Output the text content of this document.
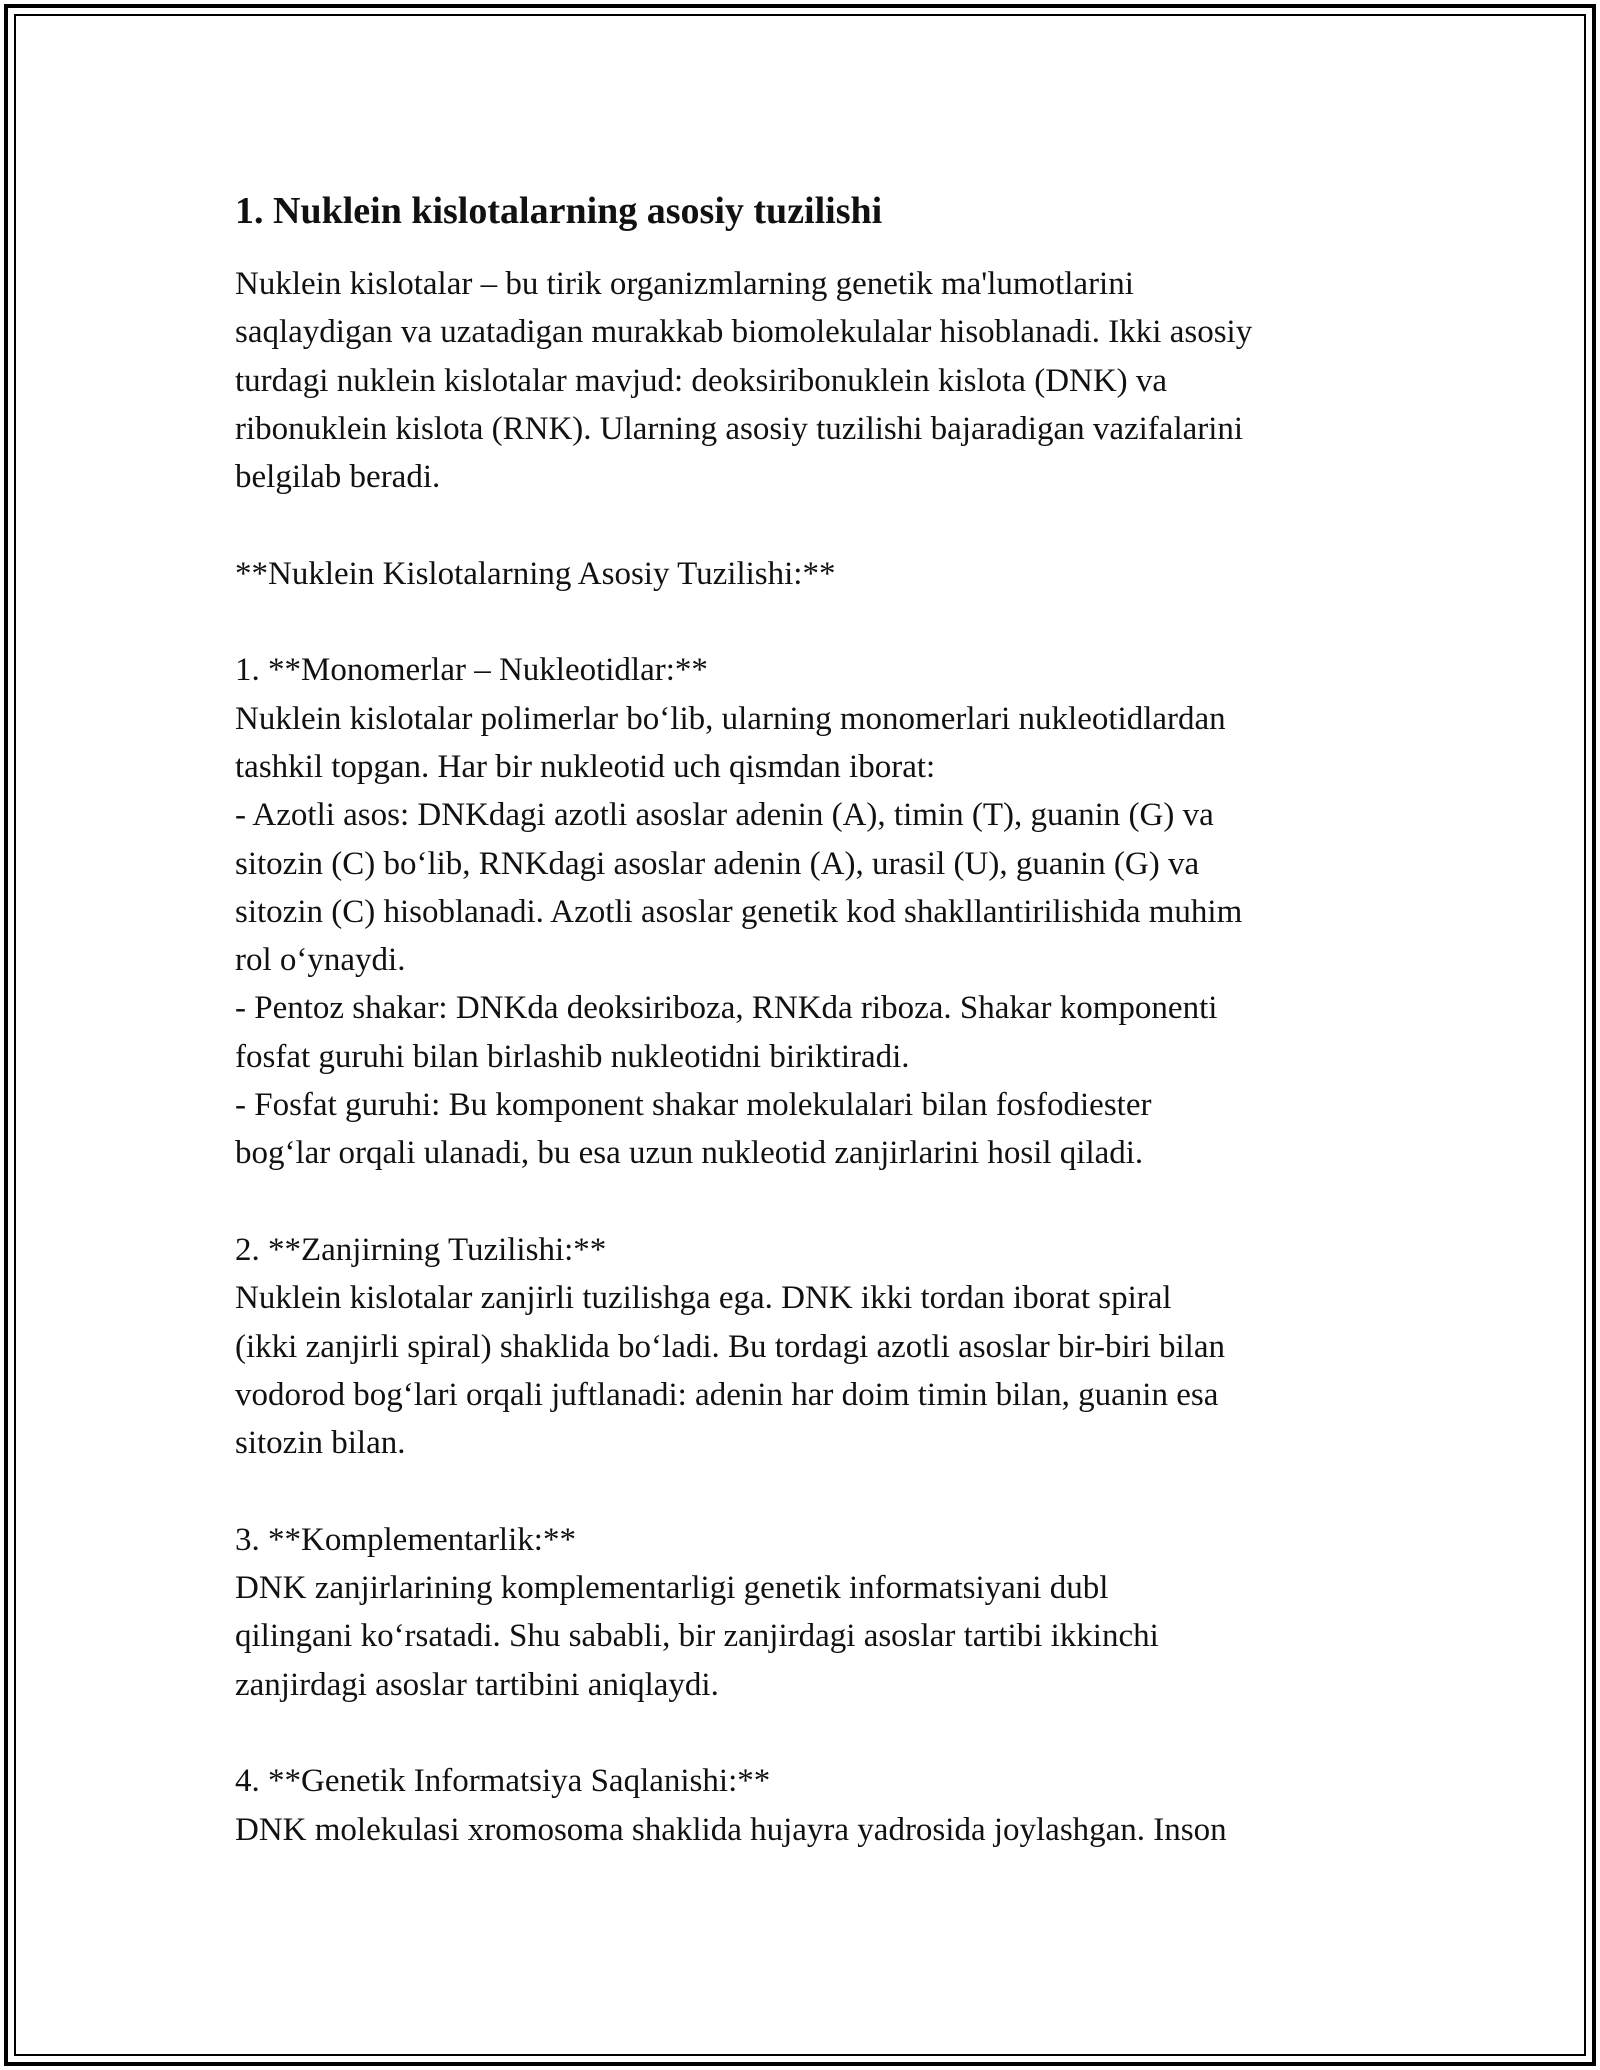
1. Nuklein kislotalarning asosiy tuzilishi

Nuklein kislotalar – bu tirik organizmlarning genetik ma'lumotlarini
saqlaydigan va uzatadigan murakkab biomolekulalar hisoblanadi. Ikki asosiy
turdagi nuklein kislotalar mavjud: deoksiribonuklein kislota (DNK) va
ribonuklein kislota (RNK). Ularning asosiy tuzilishi bajaradigan vazifalarini
belgilab beradi.

**Nuklein Kislotalarning Asosiy Tuzilishi:**

1. **Monomerlar – Nukleotidlar:**
Nuklein kislotalar polimerlar bo‘lib, ularning monomerlari nukleotidlardan
tashkil topgan. Har bir nukleotid uch qismdan iborat:
- Azotli asos: DNKdagi azotli asoslar adenin (A), timin (T), guanin (G) va
sitozin (C) bo‘lib, RNKdagi asoslar adenin (A), urasil (U), guanin (G) va
sitozin (C) hisoblanadi. Azotli asoslar genetik kod shakllantirilishida muhim
rol o‘ynaydi.
- Pentoz shakar: DNKda deoksiriboza, RNKda riboza. Shakar komponenti
fosfat guruhi bilan birlashib nukleotidni biriktiradi.
- Fosfat guruhi: Bu komponent shakar molekulalari bilan fosfodiester
bog‘lar orqali ulanadi, bu esa uzun nukleotid zanjirlarini hosil qiladi.

2. **Zanjirning Tuzilishi:**
Nuklein kislotalar zanjirli tuzilishga ega. DNK ikki tordan iborat spiral
(ikki zanjirli spiral) shaklida bo‘ladi. Bu tordagi azotli asoslar bir-biri bilan
vodorod bog‘lari orqali juftlanadi: adenin har doim timin bilan, guanin esa
sitozin bilan.

3. **Komplementarlik:**
DNK zanjirlarining komplementarligi genetik informatsiyani dubl
qilingani ko‘rsatadi. Shu sababli, bir zanjirdagi asoslar tartibi ikkinchi
zanjirdagi asoslar tartibini aniqlaydi.

4. **Genetik Informatsiya Saqlanishi:**
DNK molekulasi xromosoma shaklida hujayra yadrosida joylashgan. Inson
